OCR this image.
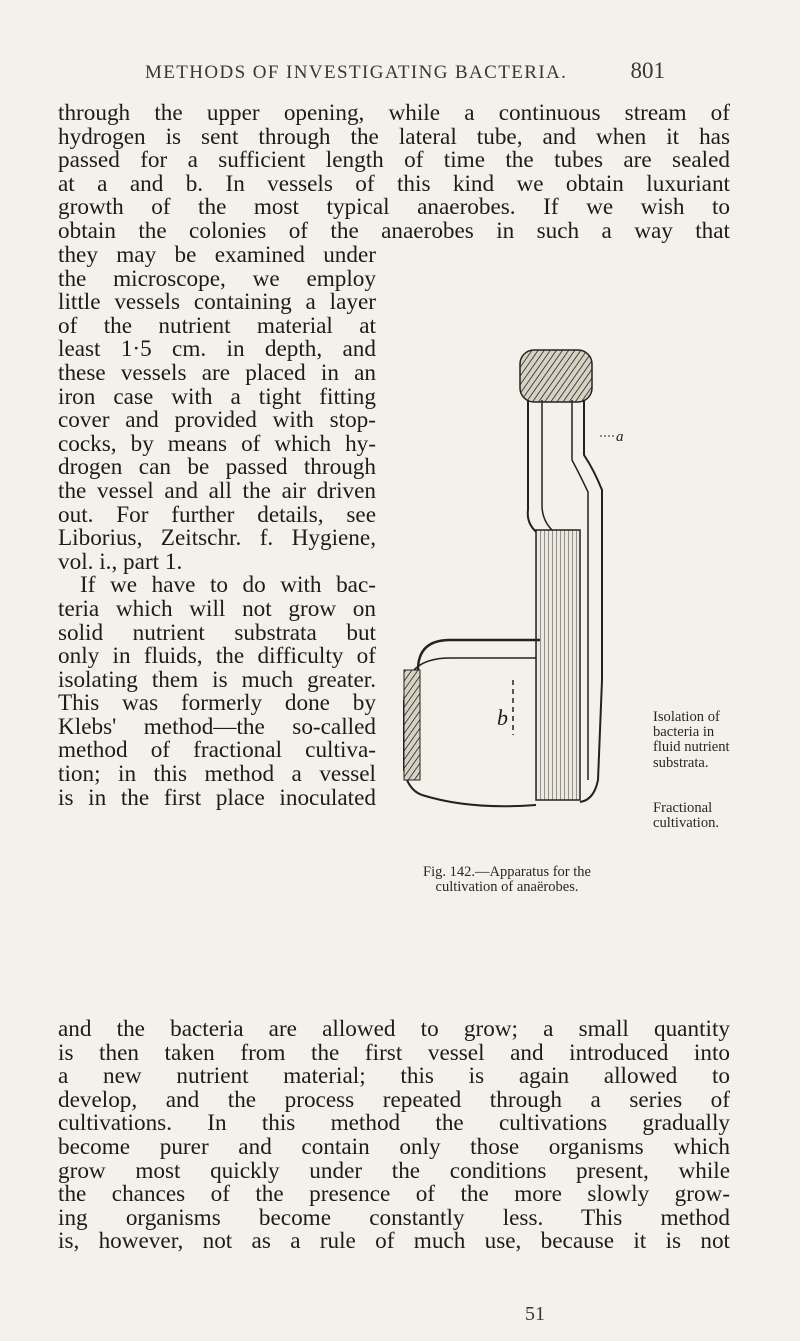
METHODS OF INVESTIGATING BACTERIA.	801
through the upper opening, while a continuous stream of
hydrogen is sent through the lateral tube, and when it has
passed for a sufficient length of time the tubes are sealed
at a and b. In vessels of this kind we obtain luxuriant
growth of the most typical anaerobes. If we wish to
obtain the colonies of the anaerobes in such a way that
they may be examined under
the microscope, we employ
little vessels containing a layer
of the nutrient material at
least 1·5 cm. in depth, and
these vessels are placed in an
iron case with a tight fitting
cover and provided with stop-
cocks, by means of which hy-
drogen can be passed through
the vessel and all the air driven
out. For further details, see
Liborius, Zeitschr. f. Hygiene,
vol. i., part 1.
If we have to do with bac-
teria which will not grow on
solid nutrient substrata but
only in fluids, the difficulty of
isolating them is much greater.
This was formerly done by
Klebs' method—the so-called
method of fractional cultiva-
tion; in this method a vessel
is in the first place inoculated
a
b
Fig. 142.—Apparatus for the
cultivation of anaërobes.
Isolation of
bacteria in
fluid nutrient
substrata.
Fractional
cultivation.
and the bacteria are allowed to grow; a small quantity
is then taken from the first vessel and introduced into
a new nutrient material; this is again allowed to
develop, and the process repeated through a series of
cultivations. In this method the cultivations gradually
become purer and contain only those organisms which
grow most quickly under the conditions present, while
the chances of the presence of the more slowly grow-
ing organisms become constantly less. This method
is, however, not as a rule of much use, because it is not
51
